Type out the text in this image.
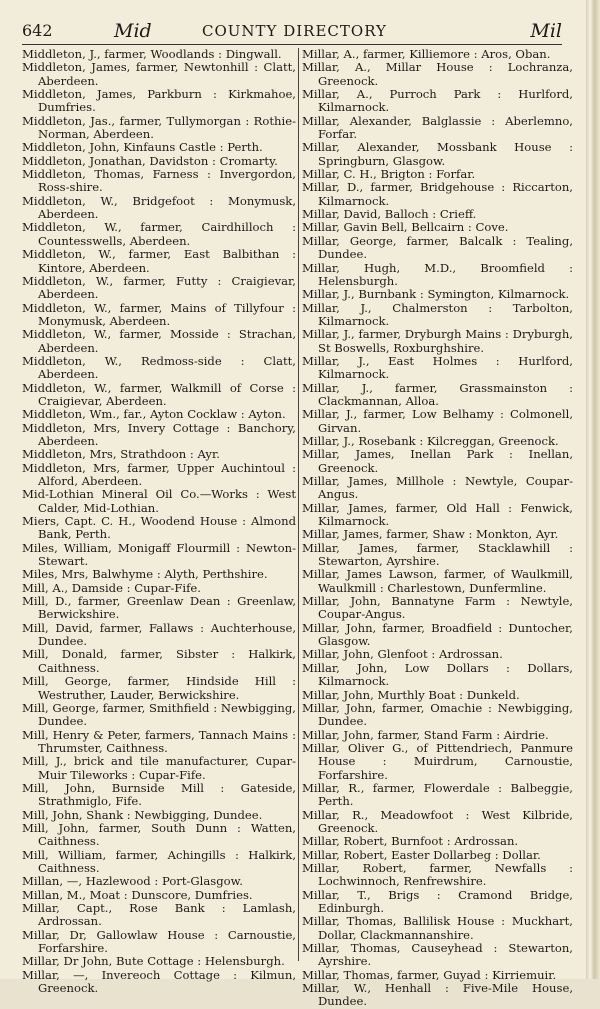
642	Mid	COUNTY DIRECTORY	Mil

Middleton, J., farmer, Woodlands : Dingwall.

Middleton, James, farmer, Newtonhill : Clatt, Aberdeen.

Middleton, James, Parkburn : Kirkmahoe, Dumfries.

Middleton, Jas., farmer, Tullymorgan : Rothie-Norman, Aberdeen.

Middleton, John, Kinfauns Castle : Perth.

Middleton, Jonathan, Davidston : Cromarty.

Middleton, Thomas, Farness : Invergordon, Ross-shire.

Middleton, W., Bridgefoot : Monymusk, Aberdeen.

Middleton, W., farmer, Cairdhilloch : Countesswells, Aberdeen.

Middleton, W., farmer, East Balbithan : Kintore, Aberdeen.

Middleton, W., farmer, Futty : Craigievar, Aberdeen.

Middleton, W., farmer, Mains of Tillyfour : Monymusk, Aberdeen.

Middleton, W., farmer, Mosside : Strachan, Aberdeen.

Middleton, W., Redmoss-side : Clatt, Aberdeen.

Middleton, W., farmer, Walkmill of Corse : Craigievar, Aberdeen.

Middleton, Wm., far., Ayton Cocklaw : Ayton.

Middleton, Mrs, Invery Cottage : Banchory, Aberdeen.

Middleton, Mrs, Strathdoon : Ayr.

Middleton, Mrs, farmer, Upper Auchintoul : Alford, Aberdeen.

Mid-Lothian Mineral Oil Co.—Works : West Calder, Mid-Lothian.

Miers, Capt. C. H., Woodend House : Almond Bank, Perth.

Miles, William, Monigaff Flourmill : Newton-Stewart.

Miles, Mrs, Balwhyme : Alyth, Perthshire.

Mill, A., Damside : Cupar-Fife.

Mill, D., farmer, Greenlaw Dean : Greenlaw, Berwickshire.

Mill, David, farmer, Fallaws : Auchterhouse, Dundee.

Mill, Donald, farmer, Sibster : Halkirk, Caithness.

Mill, George, farmer, Hindside Hill : Westruther, Lauder, Berwickshire.

Mill, George, farmer, Smithfield : Newbigging, Dundee.

Mill, Henry & Peter, farmers, Tannach Mains : Thrumster, Caithness.

Mill, J., brick and tile manufacturer, Cupar-Muir Tileworks : Cupar-Fife.

Mill, John, Burnside Mill : Gateside, Strathmiglo, Fife.

Mill, John, Shank : Newbigging, Dundee.

Mill, John, farmer, South Dunn : Watten, Caithness.

Mill, William, farmer, Achingills : Halkirk, Caithness.

Millan, —, Hazlewood : Port-Glasgow.

Millan, M., Moat : Dunscore, Dumfries.

Millar, Capt., Rose Bank : Lamlash, Ardrossan.

Millar, Dr, Gallowlaw House : Carnoustie, Forfarshire.

Millar, Dr John, Bute Cottage : Helensburgh.

Millar, —, Invereoch Cottage : Kilmun, Greenock.

Millar, A., farmer, Killiemore : Aros, Oban.

Millar, A., Millar House : Lochranza, Greenock.

Millar, A., Purroch Park : Hurlford, Kilmarnock.

Millar, Alexander, Balglassie : Aberlemno, Forfar.

Millar, Alexander, Mossbank House : Springburn, Glasgow.

Millar, C. H., Brigton : Forfar.

Millar, D., farmer, Bridgehouse : Riccarton, Kilmarnock.

Millar, David, Balloch : Crieff.

Millar, Gavin Bell, Bellcairn : Cove.

Millar, George, farmer, Balcalk : Tealing, Dundee.

Millar, Hugh, M.D., Broomfield : Helensburgh.

Millar, J., Burnbank : Symington, Kilmarnock.

Millar, J., Chalmerston : Tarbolton, Kilmarnock.

Millar, J., farmer, Dryburgh Mains : Dryburgh, St Boswells, Roxburghshire.

Millar, J., East Holmes : Hurlford, Kilmarnock.

Millar, J., farmer, Grassmainston : Clackmannan, Alloa.

Millar, J., farmer, Low Belhamy : Colmonell, Girvan.

Millar, J., Rosebank : Kilcreggan, Greenock.

Millar, James, Inellan Park : Inellan, Greenock.

Millar, James, Millhole : Newtyle, Coupar-Angus.

Millar, James, farmer, Old Hall : Fenwick, Kilmarnock.

Millar, James, farmer, Shaw : Monkton, Ayr.

Millar, James, farmer, Stacklawhill : Stewarton, Ayrshire.

Millar, James Lawson, farmer, of Waulkmill, Waulkmill : Charlestown, Dunfermline.

Millar, John, Bannatyne Farm : Newtyle, Coupar-Angus.

Millar, John, farmer, Broadfield : Duntocher, Glasgow.

Millar, John, Glenfoot : Ardrossan.

Millar, John, Low Dollars : Dollars, Kilmarnock.

Millar, John, Murthly Boat : Dunkeld.

Millar, John, farmer, Omachie : Newbigging, Dundee.

Millar, John, farmer, Stand Farm : Airdrie.

Millar, Oliver G., of Pittendriech, Panmure House : Muirdrum, Carnoustie, Forfarshire.

Millar, R., farmer, Flowerdale : Balbeggie, Perth.

Millar, R., Meadowfoot : West Kilbride, Greenock.

Millar, Robert, Burnfoot : Ardrossan.

Millar, Robert, Easter Dollarbeg : Dollar.

Millar, Robert, farmer, Newfalls : Lochwinnoch, Renfrewshire.

Millar, T., Brigs : Cramond Bridge, Edinburgh.

Millar, Thomas, Ballilisk House : Muckhart, Dollar, Clackmannanshire.

Millar, Thomas, Causeyhead : Stewarton, Ayrshire.

Millar, Thomas, farmer, Guyad : Kirriemuir.

Millar, W., Henhall : Five-Mile House, Dundee.
